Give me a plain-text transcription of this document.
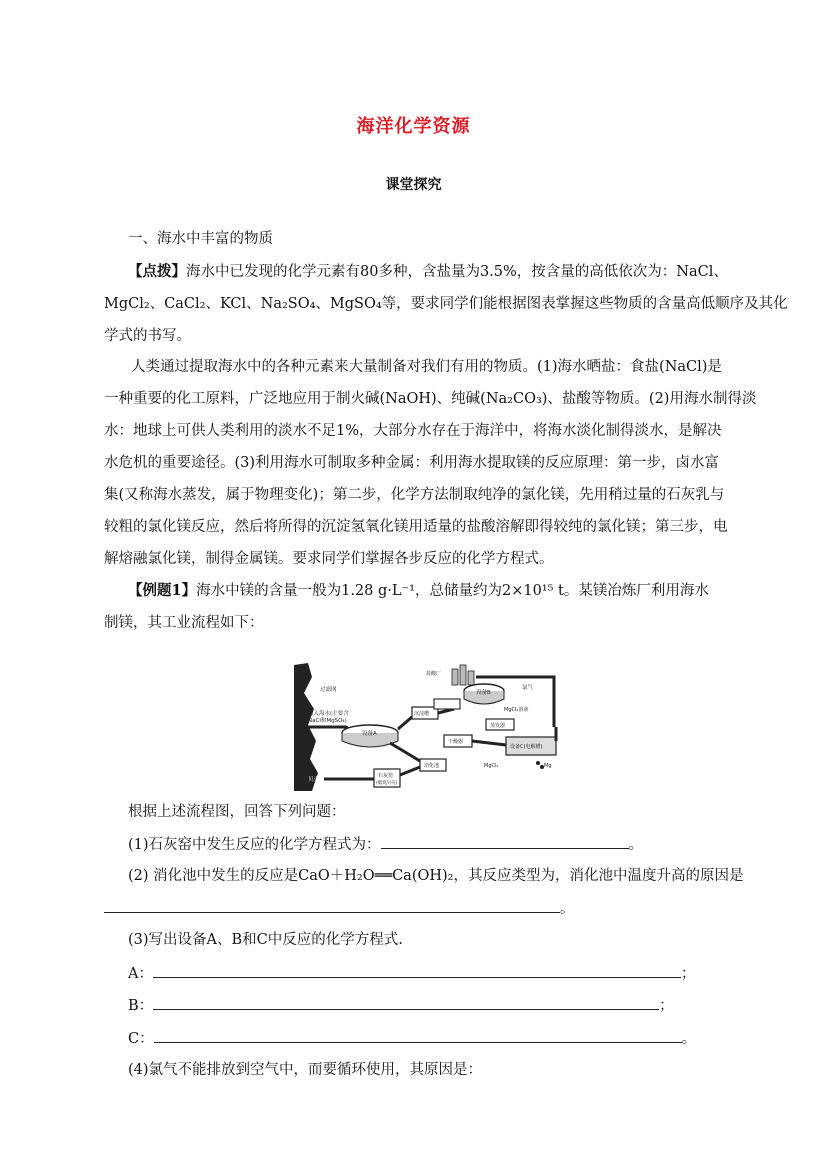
海洋化学资源
课堂探究
一、海水中丰富的物质
【点拨】海水中已发现的化学元素有80多种，含盐量为3.5%，按含量的高低依次为：NaCl、
MgCl₂、CaCl₂、KCl、Na₂SO₄、MgSO₄等，要求同学们能根据图表掌握这些物质的含量高低顺序及其化
学式的书写。
人类通过提取海水中的各种元素来大量制备对我们有用的物质。(1)海水晒盐：食盐(NaCl)是
一种重要的化工原料，广泛地应用于制火碱(NaOH)、纯碱(Na₂CO₃)、盐酸等物质。(2)用海水制得淡
水：地球上可供人类利用的淡水不足1%，大部分水存在于海洋中，将海水淡化制得淡水，是解决
水危机的重要途径。(3)利用海水可制取多种金属：利用海水提取镁的反应原理：第一步，卤水富
集(又称海水蒸发，属于物理变化)；第二步，化学方法制取纯净的氯化镁，先用稍过量的石灰乳与
较粗的氯化镁反应，然后将所得的沉淀氢氧化镁用适量的盐酸溶解即得较纯的氯化镁；第三步，电
解熔融氯化镁，制得金属镁。要求同学们掌握各步反应的化学方程式。
【例题1】海水中镁的含量一般为1.28 g·L⁻¹，总储量约为2×10¹⁵ t。某镁冶炼厂利用海水
制镁，其工业流程如下：
过滤网
引入海水(主要含
NaCl和MgSO₄)
设备A
沉淀槽
设备B
盐酸厂
氯气
MgCl₂溶液
蒸发器
干燥器
设备C(电解槽)
MgCl₂	Mg
贝壳
石灰窑
(煅烧贝壳)
消化池
根据上述流程图，回答下列问题：
(1)石灰窑中发生反应的化学方程式为：	。
(2) 消化池中发生的反应是CaO＋H₂O══Ca(OH)₂，其反应类型为，消化池中温度升高的原因是
。
(3)写出设备A、B和C中反应的化学方程式.
A：	；
B：	；
C：	。
(4)氯气不能排放到空气中，而要循环使用，其原因是：
